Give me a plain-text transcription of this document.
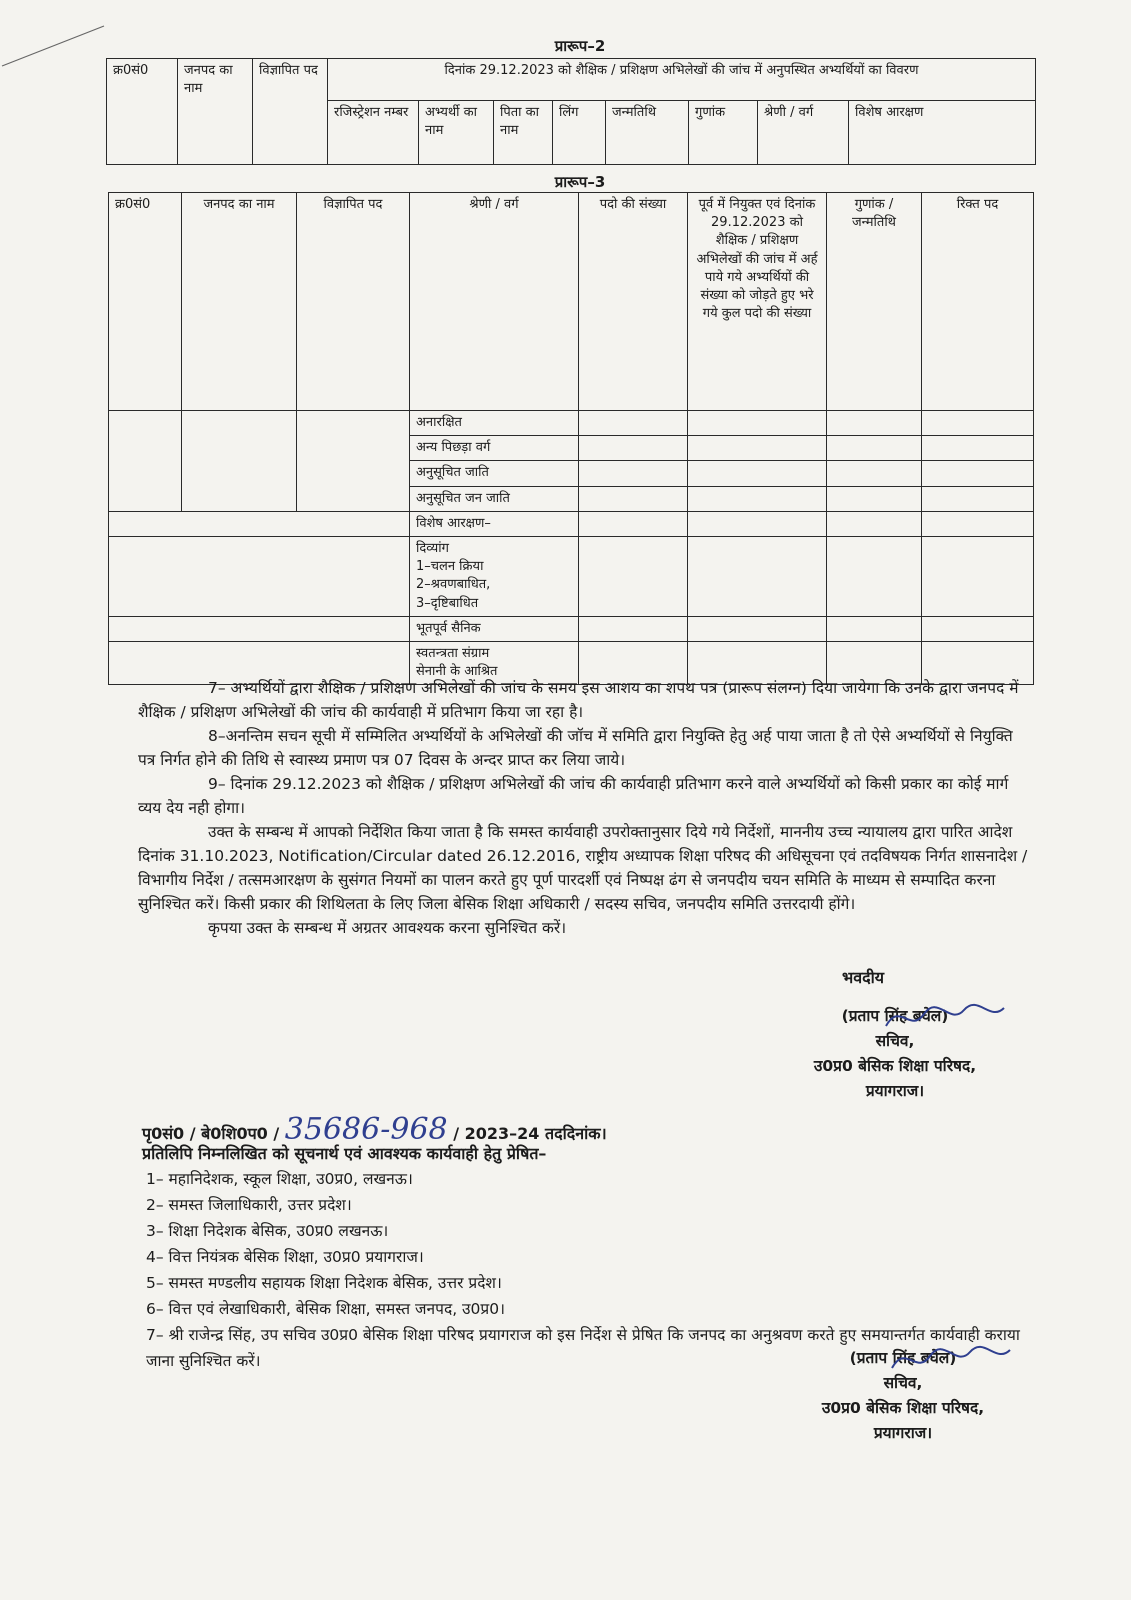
प्रारूप–2
क्र0सं0	जनपद का नाम	विज्ञापित पद	दिनांक 29.12.2023 को शैक्षिक / प्रशिक्षण अभिलेखों की जांच में अनुपस्थित अभ्यर्थियों का विवरण							
			रजिस्ट्रेशन नम्बर	अभ्यर्थी का नाम	पिता का नाम	लिंग	जन्मतिथि	गुणांक	श्रेणी / वर्ग	विशेष आरक्षण
प्रारूप–3
क्र0सं0	जनपद का नाम	विज्ञापित पद	श्रेणी / वर्ग	पदो की संख्या	पूर्व में नियुक्त एवं दिनांक 29.12.2023 को शैक्षिक / प्रशिक्षण अभिलेखों की जांच में अर्ह पाये गये अभ्यर्थियों की संख्या को जोड़ते हुए भरे गये कुल पदो की संख्या	गुणांक / जन्मतिथि	रिक्त पद
			अनारक्षित				
			अन्य पिछड़ा वर्ग				
			अनुसूचित जाति				
			अनुसूचित जन जाति				
			विशेष आरक्षण–				

			दिव्यांग
1–चलन क्रिया
2–श्रवणबाधित,
3–दृष्टिबाधित				

			भूतपूर्व सैनिक				

			स्वतन्त्रता संग्राम
सेनानी के आश्रित				

7– अभ्यर्थियों द्वारा शैक्षिक / प्रशिक्षण अभिलेखों की जांच के समय इस आशय का शपथ पत्र (प्रारूप संलग्न) दिया जायेगा कि उनके द्वारा जनपद में शैक्षिक / प्रशिक्षण अभिलेखों की जांच की कार्यवाही में प्रतिभाग किया जा रहा है।

8–अनन्तिम सचन सूची में सम्मिलित अभ्यर्थियों के अभिलेखों की जॉच में समिति द्वारा नियुक्ति हेतु अर्ह पाया जाता है तो ऐसे अभ्यर्थियों से नियुक्ति पत्र निर्गत होने की तिथि से स्वास्थ्य प्रमाण पत्र 07 दिवस के अन्दर प्राप्त कर लिया जाये।

9– दिनांक 29.12.2023 को शैक्षिक / प्रशिक्षण अभिलेखों की जांच की कार्यवाही प्रतिभाग करने वाले अभ्यर्थियों को किसी प्रकार का कोई मार्ग व्यय देय नही होगा।

उक्त के सम्बन्ध में आपको निर्देशित किया जाता है कि समस्त कार्यवाही उपरोक्तानुसार दिये गये निर्देशों, माननीय उच्च न्यायालय द्वारा पारित आदेश दिनांक 31.10.2023, Notification/Circular dated 26.12.2016, राष्ट्रीय अध्यापक शिक्षा परिषद की अधिसूचना एवं तदविषयक निर्गत शासनादेश / विभागीय निर्देश / तत्समआरक्षण के सुसंगत नियमों का पालन करते हुए पूर्ण पारदर्शी एवं निष्पक्ष ढंग से जनपदीय चयन समिति के माध्यम से सम्पादित करना सुनिश्चित करें। किसी प्रकार की शिथिलता के लिए जिला बेसिक शिक्षा अधिकारी / सदस्य सचिव, जनपदीय समिति उत्तरदायी होंगे।

कृपया उक्त के सम्बन्ध में अग्रतर आवश्यक करना सुनिश्चित करें।

भवदीय
(प्रताप सिंह बघेल)
सचिव,
उ0प्र0 बेसिक शिक्षा परिषद,
प्रयागराज।
पृ0सं0 / बे0शि0प0 / 35686-968 / 2023–24 तददिनांक।
प्रतिलिपि निम्नलिखित को सूचनार्थ एवं आवश्यक कार्यवाही हेतु प्रेषित–
1– महानिदेशक, स्कूल शिक्षा, उ0प्र0, लखनऊ।
2– समस्त जिलाधिकारी, उत्तर प्रदेश।
3– शिक्षा निदेशक बेसिक, उ0प्र0 लखनऊ।
4– वित्त नियंत्रक बेसिक शिक्षा, उ0प्र0 प्रयागराज।
5– समस्त मण्डलीय सहायक शिक्षा निदेशक बेसिक, उत्तर प्रदेश।
6– वित्त एवं लेखाधिकारी, बेसिक शिक्षा, समस्त जनपद, उ0प्र0।
7– श्री राजेन्द्र सिंह, उप सचिव उ0प्र0 बेसिक शिक्षा परिषद प्रयागराज को इस निर्देश से प्रेषित कि जनपद का अनुश्रवण करते हुए समयान्तर्गत कार्यवाही कराया जाना सुनिश्चित करें।	(प्रताप सिंह बघेल)
सचिव,
उ0प्र0 बेसिक शिक्षा परिषद,
प्रयागराज।
